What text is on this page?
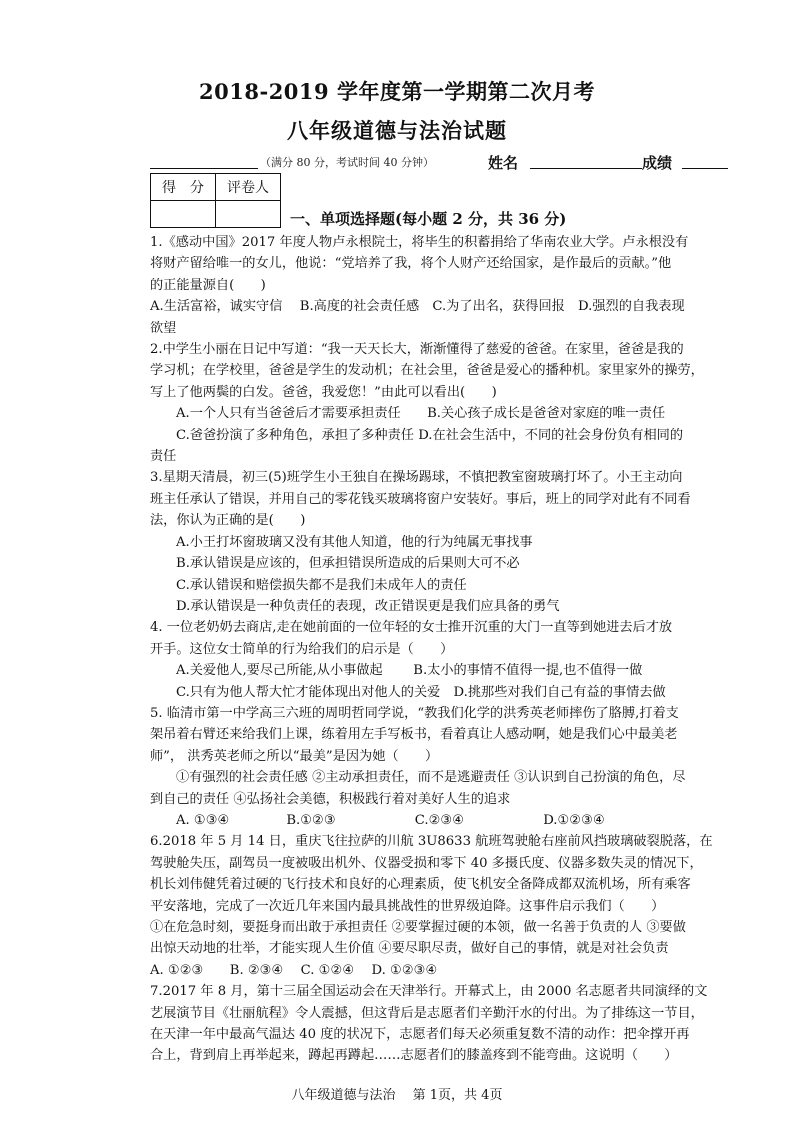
2018-2019 学年度第一学期第二次月考
八年级道德与法治试题
（满分 80 分，考试时间 40 分钟）	姓名	成绩
得　分	评卷人

一、单项选择题(每小题 2 分，共 36 分)

1.《感动中国》2017 年度人物卢永根院士，将毕生的积蓄捐给了华南农业大学。卢永根没有

将财产留给唯一的女儿，他说：“党培养了我，将个人财产还给国家，是作最后的贡献。”他

的正能量源自(　　)

A.生活富裕，诚实守信　 B.高度的社会责任感　C.为了出名，获得回报　D.强烈的自我表现

欲望

2.中学生小丽在日记中写道：“我一天天长大，渐渐懂得了慈爱的爸爸。在家里，爸爸是我的

学习机；在学校里，爸爸是学生的发动机；在社会里，爸爸是爱心的播种机。家里家外的操劳，

写上了他两鬓的白发。爸爸，我爱您！”由此可以看出(　　)

A.一个人只有当爸爸后才需要承担责任　　B.关心孩子成长是爸爸对家庭的唯一责任

C.爸爸扮演了多种角色，承担了多种责任 D.在社会生活中，不同的社会身份负有相同的

责任

3.星期天清晨，初三(5)班学生小王独自在操场踢球，不慎把教室窗玻璃打坏了。小王主动向

班主任承认了错误，并用自己的零花钱买玻璃将窗户安装好。事后，班上的同学对此有不同看

法，你认为正确的是(　　)

A.小王打坏窗玻璃又没有其他人知道，他的行为纯属无事找事

B.承认错误是应该的，但承担错误所造成的后果则大可不必

C.承认错误和赔偿损失都不是我们未成年人的责任

D.承认错误是一种负责任的表现，改正错误更是我们应具备的勇气

4. 一位老奶奶去商店,走在她前面的一位年轻的女士推开沉重的大门一直等到她进去后才放

开手。这位女士简单的行为给我们的启示是（　　）

A.关爱他人,要尽己所能,从小事做起　　 B.太小的事情不值得一提,也不值得一做

C.只有为他人帮大忙才能体现出对他人的关爱　D.挑那些对我们自己有益的事情去做

5. 临清市第一中学高三六班的周明哲同学说，“教我们化学的洪秀英老师摔伤了胳膊,打着支

架吊着右臂还来给我们上课，练着用左手写板书，看着真让人感动啊，她是我们心中最美老

师”， 洪秀英老师之所以“最美”是因为她（　　）

①有强烈的社会责任感 ②主动承担责任，而不是逃避责任 ③认识到自己扮演的角色，尽

到自己的责任 ④弘扬社会美德，积极践行着对美好人生的追求

A. ①③④　　　　 B.①②③　　　　　　C.②③④　　　　　　D.①②③④

6.2018 年 5 月 14 日，重庆飞往拉萨的川航 3U8633 航班驾驶舱右座前风挡玻璃破裂脱落，在

驾驶舱失压，副驾员一度被吸出机外、仪器受损和零下 40 多摄氏度、仪器多数失灵的情况下，

机长刘伟健凭着过硬的飞行技术和良好的心理素质，使飞机安全备降成都双流机场，所有乘客

平安落地，完成了一次近几年来国内最具挑战性的世界级迫降。这事件启示我们（　　）

①在危急时刻，要挺身而出敢于承担责任 ②要掌握过硬的本领，做一名善于负责的人 ③要做

出惊天动地的壮举，才能实现人生价值 ④要尽职尽责，做好自己的事情，就是对社会负责

A. ①②③　　B. ②③④　 C. ①②④　 D. ①②③④

7.2017 年 8 月，第十三届全国运动会在天津举行。开幕式上，由 2000 名志愿者共同演绎的文

艺展演节目《壮丽航程》令人震撼，但这背后是志愿者们辛勤汗水的付出。为了排练这一节目，

在天津一年中最高气温达 40 度的状况下，志愿者们每天必须重复数不清的动作：把伞撑开再

合上，背到肩上再举起来，蹲起再蹲起……志愿者们的膝盖疼到不能弯曲。这说明（　　）

八年级道德与法治　 第 1页，共 4页
